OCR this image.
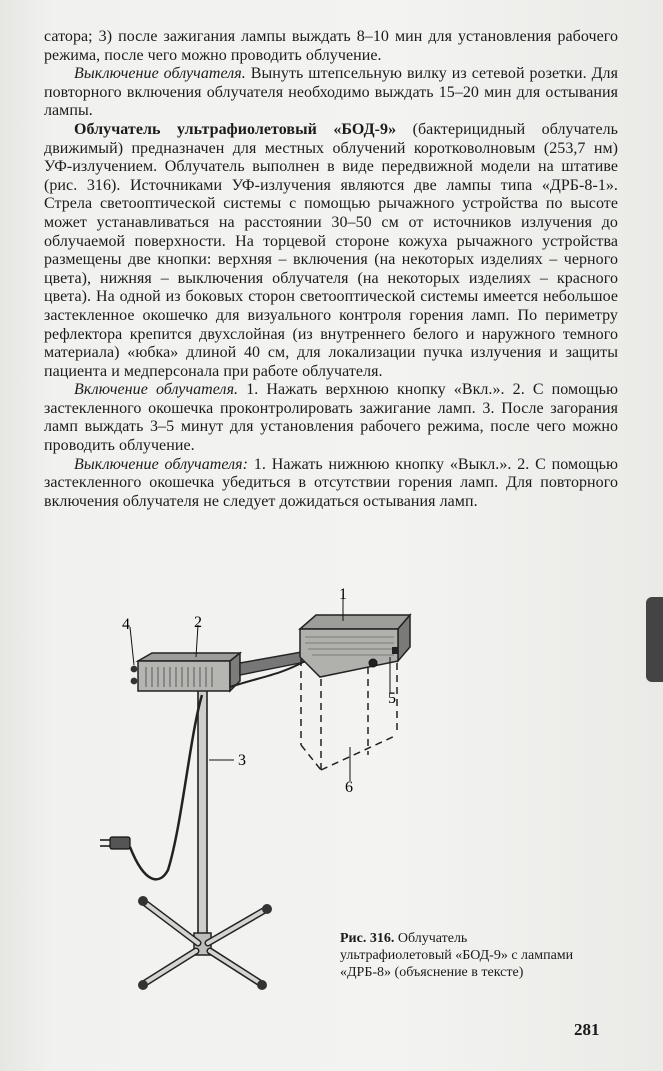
сатора; 3) после зажигания лампы выждать 8–10 мин для установления рабочего режима, после чего можно проводить облучение.

Выключение облучателя. Вынуть штепсельную вилку из сетевой розетки. Для повторного включения облучателя необходимо выждать 15–20 мин для остывания лампы.

Облучатель ультрафиолетовый «БОД-9» (бактерицидный облучатель движимый) предназначен для местных облучений коротковолновым (253,7 нм) УФ-излучением. Облучатель выполнен в виде передвижной модели на штативе (рис. 316). Источниками УФ-излучения являются две лампы типа «ДРБ-8-1». Стрела светооптической системы с помощью рычажного устройства по высоте может устанавливаться на расстоянии 30–50 см от источников излучения до облучаемой поверхности. На торцевой стороне кожуха рычажного устройства размещены две кнопки: верхняя – включения (на некоторых изделиях – черного цвета), нижняя – выключения облучателя (на некоторых изделиях – красного цвета). На одной из боковых сторон светооптической системы имеется небольшое застекленное окошечко для визуального контроля горения ламп. По периметру рефлектора крепится двухслойная (из внутреннего белого и наружного темного материала) «юбка» длиной 40 см, для локализации пучка излучения и защиты пациента и медперсонала при работе облучателя.

Включение облучателя. 1. Нажать верхнюю кнопку «Вкл.». 2. С помощью застекленного окошечка проконтролировать зажигание ламп. 3. После загорания ламп выждать 3–5 минут для установления рабочего режима, после чего можно проводить облучение.

Выключение облучателя: 1. Нажать нижнюю кнопку «Выкл.». 2. С помощью застекленного окошечка убедиться в отсутствии горения ламп. Для повторного включения облучателя не следует дожидаться остывания ламп.

1
2
3
4
5
6
Рис. 316. Облучатель ультрафиолетовый «БОД-9» с лампами «ДРБ-8» (объяснение в тексте)
281
